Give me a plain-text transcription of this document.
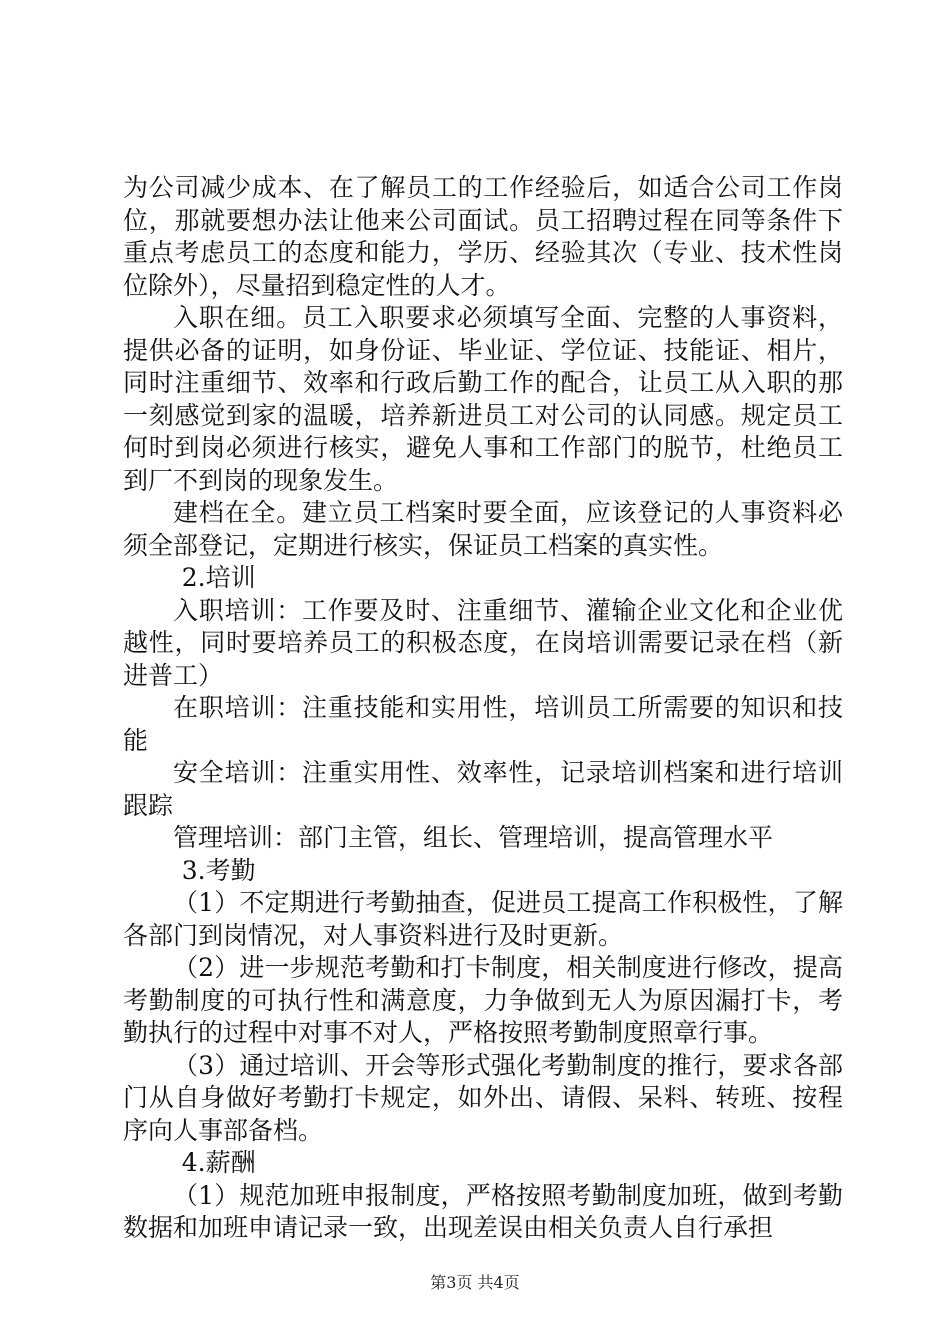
为公司减少成本、在了解员工的工作经验后，如适合公司工作岗位，那就要想办法让他来公司面试。员工招聘过程在同等条件下重点考虑员工的态度和能力，学历、经验其次（专业、技术性岗位除外），尽量招到稳定性的人才。

入职在细。员工入职要求必须填写全面、完整的人事资料，提供必备的证明，如身份证、毕业证、学位证、技能证、相片，同时注重细节、效率和行政后勤工作的配合，让员工从入职的那一刻感觉到家的温暖，培养新进员工对公司的认同感。规定员工何时到岗必须进行核实，避免人事和工作部门的脱节，杜绝员工到厂不到岗的现象发生。

建档在全。建立员工档案时要全面，应该登记的人事资料必须全部登记，定期进行核实，保证员工档案的真实性。

2.培训

入职培训：工作要及时、注重细节、灌输企业文化和企业优越性，同时要培养员工的积极态度，在岗培训需要记录在档（新进普工）

在职培训：注重技能和实用性，培训员工所需要的知识和技能

安全培训：注重实用性、效率性，记录培训档案和进行培训跟踪

管理培训：部门主管，组长、管理培训，提高管理水平

3.考勤

（1）不定期进行考勤抽查，促进员工提高工作积极性，了解各部门到岗情况，对人事资料进行及时更新。

（2）进一步规范考勤和打卡制度，相关制度进行修改，提高考勤制度的可执行性和满意度，力争做到无人为原因漏打卡，考勤执行的过程中对事不对人，严格按照考勤制度照章行事。

（3）通过培训、开会等形式强化考勤制度的推行，要求各部门从自身做好考勤打卡规定，如外出、请假、呆料、转班、按程序向人事部备档。

4.薪酬

（1）规范加班申报制度，严格按照考勤制度加班，做到考勤数据和加班申请记录一致，出现差误由相关负责人自行承担

第3页 共4页
